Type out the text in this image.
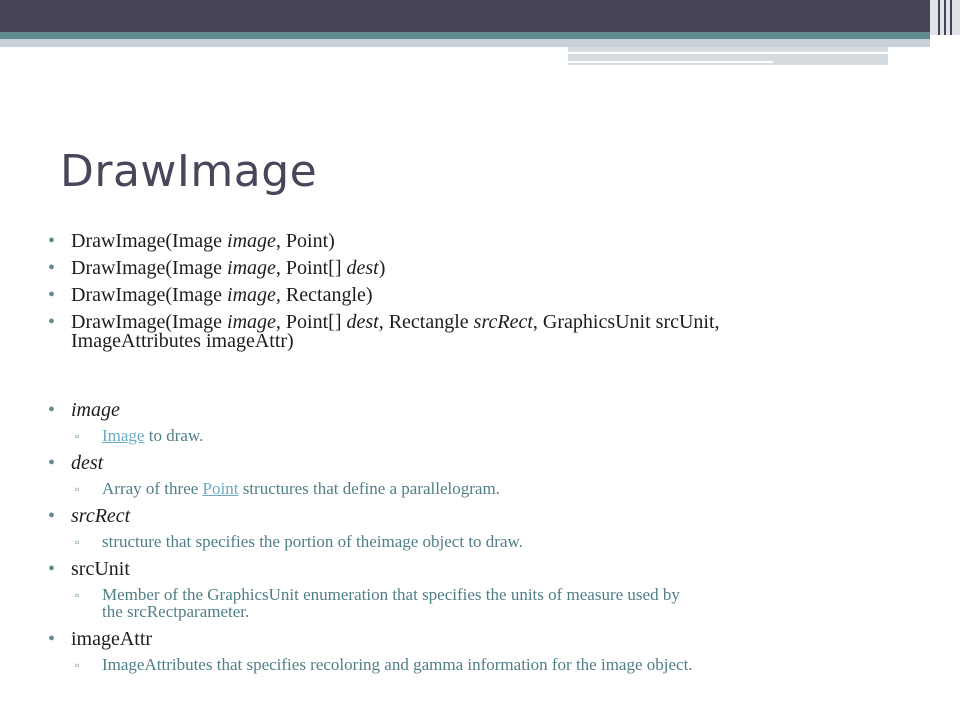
DrawImage
• DrawImage(Image image, Point)
• DrawImage(Image image, Point[] dest)
• DrawImage(Image image, Rectangle)
• DrawImage(Image image, Point[] dest, Rectangle srcRect, GraphicsUnit srcUnit,
ImageAttributes imageAttr)
• image
▫ Image to draw.
• dest
▫ Array of three Point structures that define a parallelogram.
• srcRect
▫ structure that specifies the portion of theimage object to draw.
• srcUnit
▫ Member of the GraphicsUnit enumeration that specifies the units of measure used by
the srcRectparameter.
• imageAttr
▫ ImageAttributes that specifies recoloring and gamma information for the image object.
